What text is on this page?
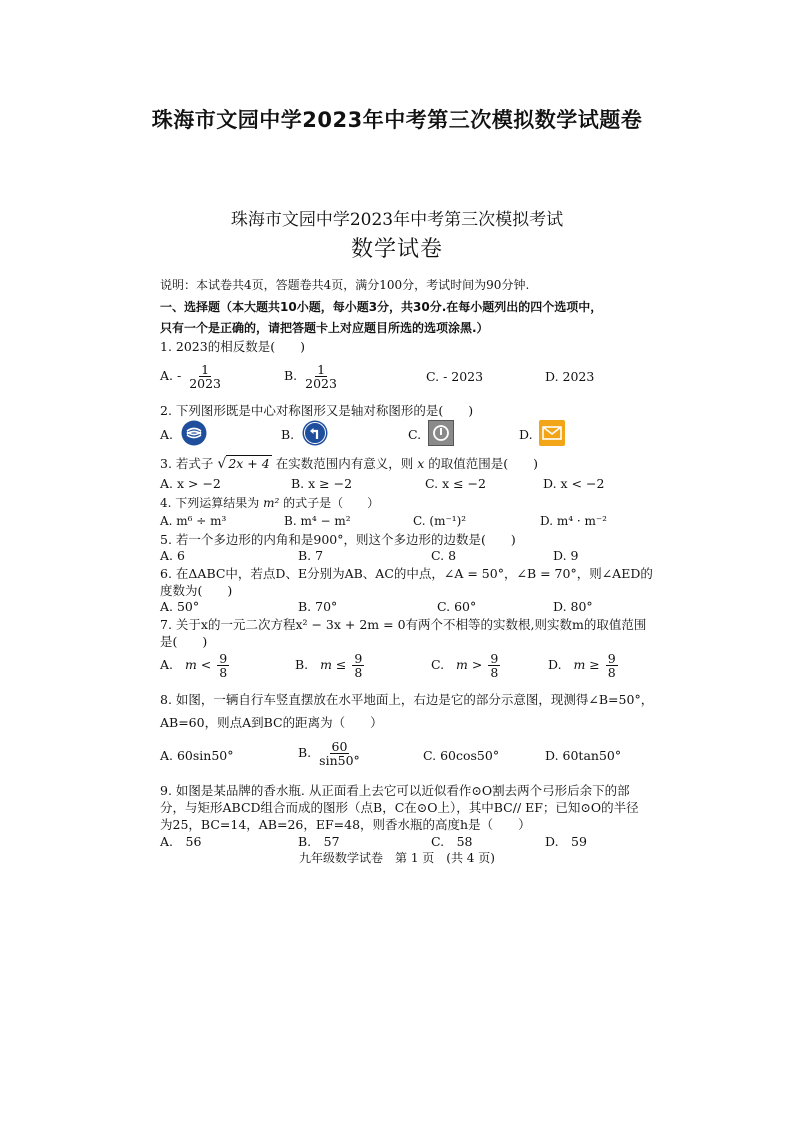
珠海市文园中学2023年中考第三次模拟数学试题卷
珠海市文园中学2023年中考第三次模拟考试
数学试卷
说明：本试卷共4页，答题卷共4页，满分100分，考试时间为90分钟.
一、选择题（本大题共10小题，每小题3分，共30分.在每小题列出的四个选项中，
只有一个是正确的，请把答题卡上对应题目所选的选项涂黑.）
1. 2023的相反数是(　　)
A. - $\frac{1}{2023}$	B. $\frac{1}{2023}$	C. - 2023	D. 2023
2. 下列图形既是中心对称图形又是轴对称图形的是(　　)
A.	B.	C.	D.
3. 若式子 √ 2x + 4 在实数范围内有意义，则 x 的取值范围是(　　)
A. x > −2	B. x ≥ −2	C. x ≤ −2	D. x < −2
4. 下列运算结果为 m² 的式子是（　　）
A. m⁶ ÷ m³	B. m⁴ − m²	C. (m⁻¹)²	D. m⁴ · m⁻²
5. 若一个多边形的内角和是900°，则这个多边形的边数是(　　)
A. 6	B. 7	C. 8	D. 9
6. 在ΔABC中，若点D、E分别为AB、AC的中点，∠A = 50°，∠B = 70°，则∠AED的
度数为(　　)
A. 50°	B. 70°	C. 60°	D. 80°
7. 关于x的一元二次方程x² − 3x + 2m = 0有两个不相等的实数根,则实数m的取值范围
是(　　)
A. $m < \frac{9}{8}$	B. $m \le \frac{9}{8}$	C. $m > \frac{9}{8}$	D. $m \ge \frac{9}{8}$
8. 如图，一辆自行车竖直摆放在水平地面上，右边是它的部分示意图，现测得∠B=50°，
AB=60，则点A到BC的距离为（　　）
A. 60sin50°	B. $\frac{60}{\sin 50^\circ}$	C. 60cos50°	D. 60tan50°
9. 如图是某品牌的香水瓶. 从正面看上去它可以近似看作⊙O割去两个弓形后余下的部
分，与矩形ABCD组合而成的图形（点B，C在⊙O上），其中BC// EF；已知⊙O的半径
为25，BC=14，AB=26，EF=48，则香水瓶的高度h是（　　）
A.　56	B.　57	C.　58	D.　59
九年级数学试卷　第 1 页　(共 4 页)
